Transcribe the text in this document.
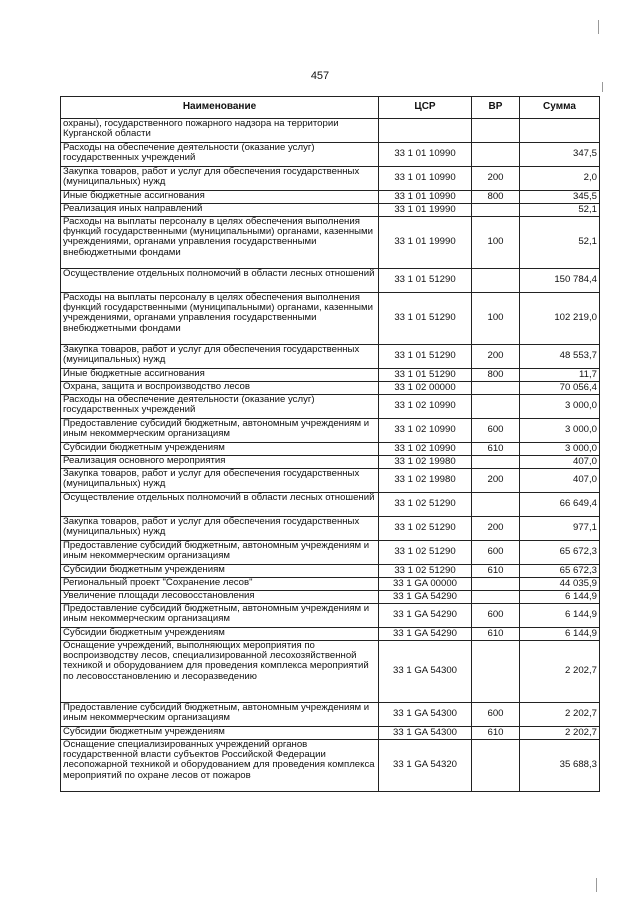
457
Наименование	ЦСР	ВР	Сумма
охраны), государственного пожарного надзора на территории Курганской области			
Расходы на обеспечение деятельности (оказание услуг) государственных учреждений	33 1 01 10990		347,5
Закупка товаров, работ и услуг для обеспечения государственных (муниципальных) нужд	33 1 01 10990	200	2,0
Иные бюджетные ассигнования	33 1 01 10990	800	345,5
Реализация иных направлений	33 1 01 19990		52,1
Расходы на выплаты персоналу в целях обеспечения выполнения функций государственными (муниципальными) органами, казенными учреждениями, органами управления государственными внебюджетными фондами	33 1 01 19990	100	52,1
Осуществление отдельных полномочий в области лесных отношений	33 1 01 51290		150 784,4
Расходы на выплаты персоналу в целях обеспечения выполнения функций государственными (муниципальными) органами, казенными учреждениями, органами управления государственными внебюджетными фондами	33 1 01 51290	100	102 219,0
Закупка товаров, работ и услуг для обеспечения государственных (муниципальных) нужд	33 1 01 51290	200	48 553,7
Иные бюджетные ассигнования	33 1 01 51290	800	11,7
Охрана, защита и воспроизводство лесов	33 1 02 00000		70 056,4
Расходы на обеспечение деятельности (оказание услуг) государственных учреждений	33 1 02 10990		3 000,0
Предоставление субсидий бюджетным, автономным учреждениям и иным некоммерческим организациям	33 1 02 10990	600	3 000,0
Субсидии бюджетным учреждениям	33 1 02 10990	610	3 000,0
Реализация основного мероприятия	33 1 02 19980		407,0
Закупка товаров, работ и услуг для обеспечения государственных (муниципальных) нужд	33 1 02 19980	200	407,0
Осуществление отдельных полномочий в области лесных отношений	33 1 02 51290		66 649,4
Закупка товаров, работ и услуг для обеспечения государственных (муниципальных) нужд	33 1 02 51290	200	977,1
Предоставление субсидий бюджетным, автономным учреждениям и иным некоммерческим организациям	33 1 02 51290	600	65 672,3
Субсидии бюджетным учреждениям	33 1 02 51290	610	65 672,3
Региональный проект "Сохранение лесов"	33 1 GA 00000		44 035,9
Увеличение площади лесовосстановления	33 1 GA 54290		6 144,9
Предоставление субсидий бюджетным, автономным учреждениям и иным некоммерческим организациям	33 1 GA 54290	600	6 144,9
Субсидии бюджетным учреждениям	33 1 GA 54290	610	6 144,9
Оснащение учреждений, выполняющих мероприятия по воспроизводству лесов, специализированной лесохозяйственной техникой и оборудованием для проведения комплекса мероприятий по лесовосстановлению и лесоразведению	33 1 GA 54300		2 202,7
Предоставление субсидий бюджетным, автономным учреждениям и иным некоммерческим организациям	33 1 GA 54300	600	2 202,7
Субсидии бюджетным учреждениям	33 1 GA 54300	610	2 202,7
Оснащение специализированных учреждений органов государственной власти субъектов Российской Федерации лесопожарной техникой и оборудованием для проведения комплекса мероприятий по охране лесов от пожаров	33 1 GA 54320		35 688,3
